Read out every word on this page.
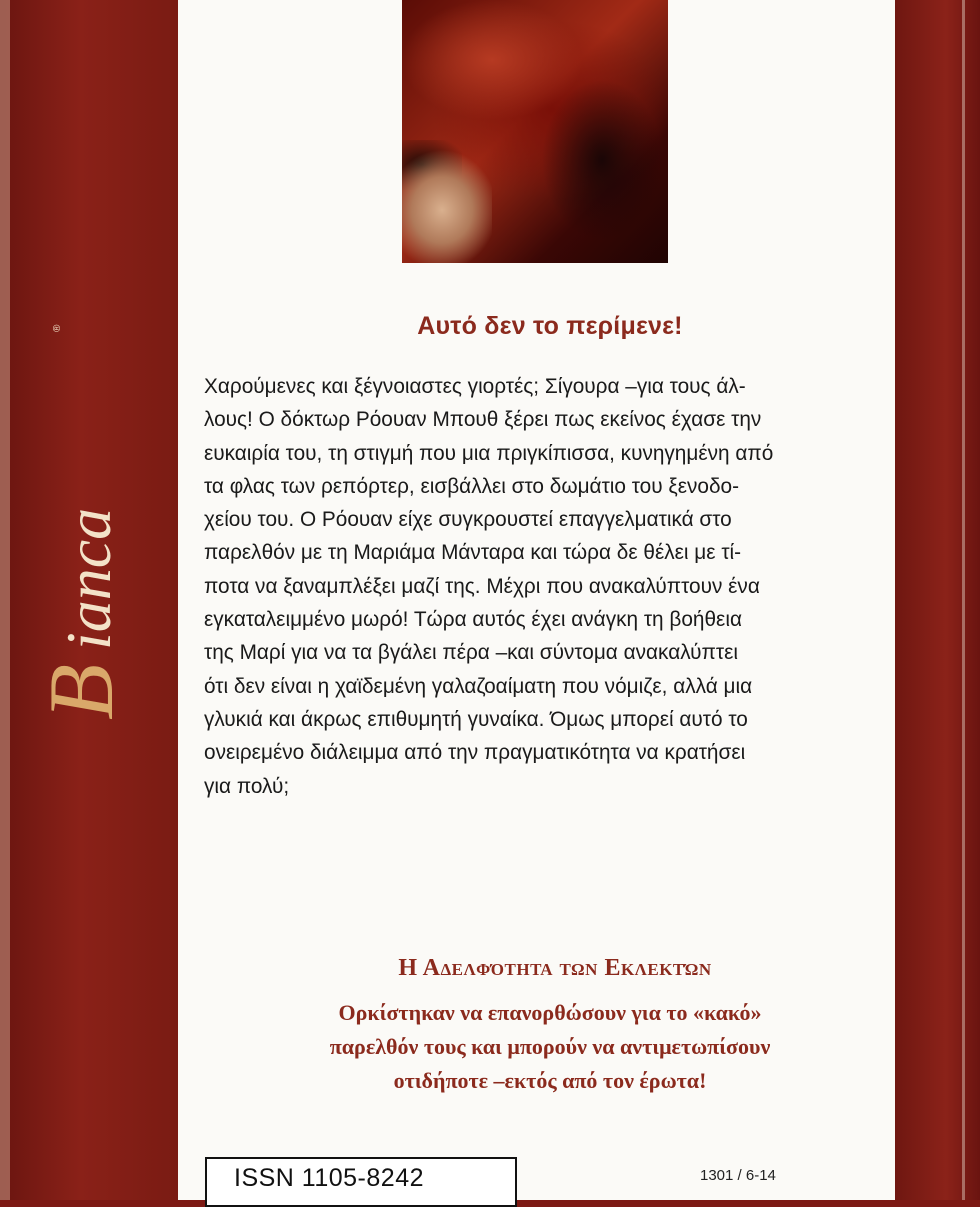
B
ianca
®	Αυτό δεν το περίμενε!

Χαρούμενες και ξέγνοιαστες γιορτές; Σίγουρα –για τους άλ-
λους! Ο δόκτωρ Ρόουαν Μπουθ ξέρει πως εκείνος έχασε την
ευκαιρία του, τη στιγμή που μια πριγκίπισσα, κυνηγημένη από
τα φλας των ρεπόρτερ, εισβάλλει στο δωμάτιο του ξενοδο-
χείου του. Ο Ρόουαν είχε συγκρουστεί επαγγελματικά στο
παρελθόν με τη Μαριάμα Μάνταρα και τώρα δε θέλει με τί-
ποτα να ξαναμπλέξει μαζί της. Μέχρι που ανακαλύπτουν ένα
εγκαταλειμμένο μωρό! Τώρα αυτός έχει ανάγκη τη βοήθεια
της Μαρί για να τα βγάλει πέρα –και σύντομα ανακαλύπτει
ότι δεν είναι η χαϊδεμένη γαλαζοαίματη που νόμιζε, αλλά μια
γλυκιά και άκρως επιθυμητή γυναίκα. Όμως μπορεί αυτό το
ονειρεμένο διάλειμμα από την πραγματικότητα να κρατήσει
για πολύ;

Η Αδελφότητα των Εκλεκτών
Ορκίστηκαν να επανορθώσουν για το «κακό»
παρελθόν τους και μπορούν να αντιμετωπίσουν
οτιδήποτε –εκτός από τον έρωτα!
ISSN 1105-8242	1301 / 6-14
